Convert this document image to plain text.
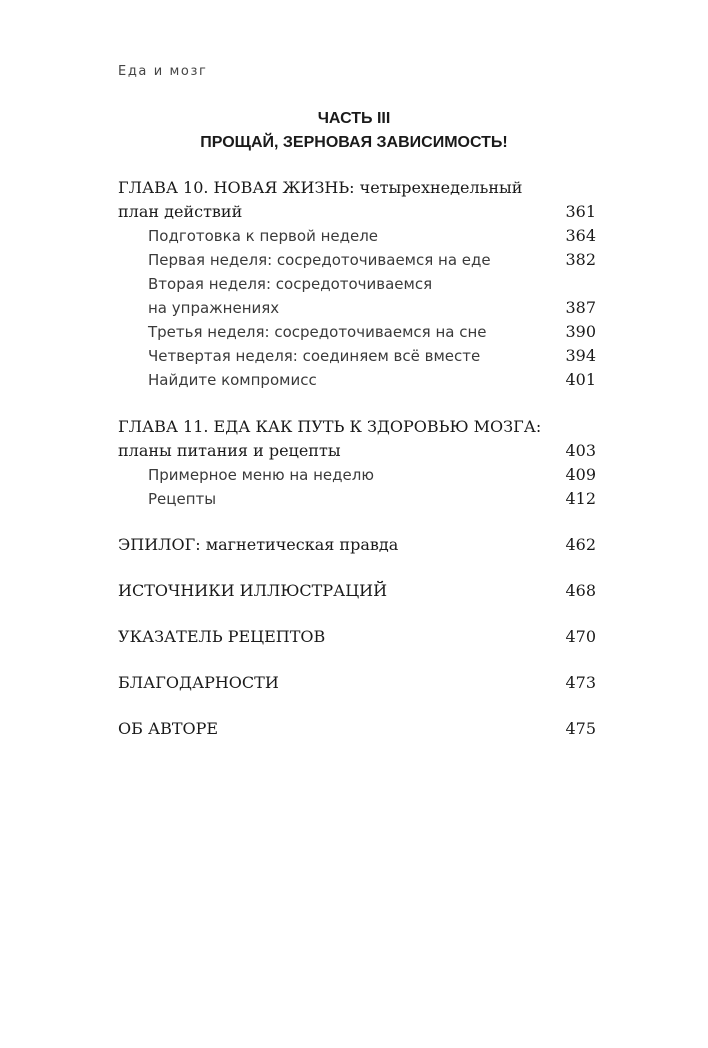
Еда и мозг
ЧАСТЬ III
ПРОЩАЙ, ЗЕРНОВАЯ ЗАВИСИМОСТЬ!
ГЛАВА 10. НОВАЯ ЖИЗНЬ: четырехнедельный
план действий	361
Подготовка к первой неделе	364
Первая неделя: сосредоточиваемся на еде	382
Вторая неделя: сосредоточиваемся
на упражнениях	387
Третья неделя: сосредоточиваемся на сне	390
Четвертая неделя: соединяем всё вместе	394
Найдите компромисс	401
ГЛАВА 11. ЕДА КАК ПУТЬ К ЗДОРОВЬЮ МОЗГА:
планы питания и рецепты	403
Примерное меню на неделю	409
Рецепты	412
ЭПИЛОГ: магнетическая правда	462
ИСТОЧНИКИ ИЛЛЮСТРАЦИЙ	468
УКАЗАТЕЛЬ РЕЦЕПТОВ	470
БЛАГОДАРНОСТИ	473
ОБ АВТОРЕ	475
